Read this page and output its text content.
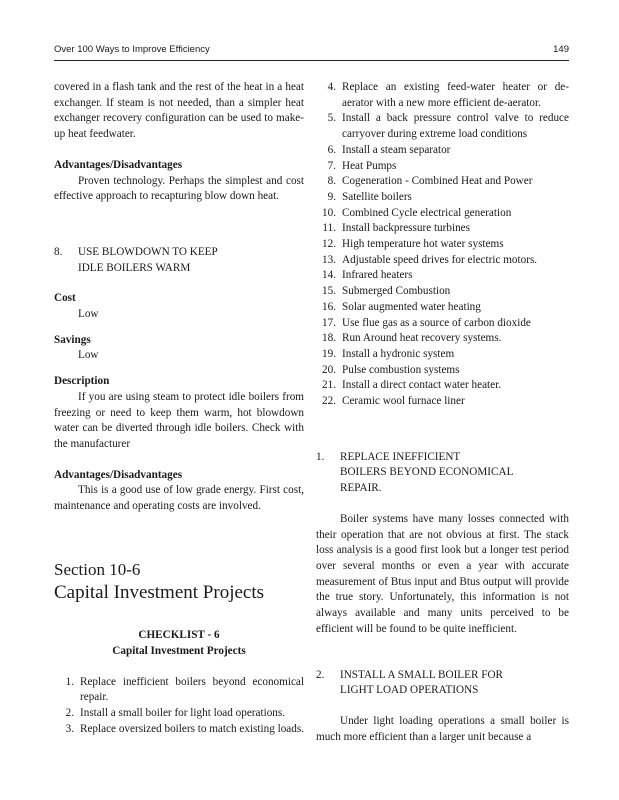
Over 100 Ways to Improve Efficiency	149

covered in a flash tank and the rest of the heat in a heat exchanger. If steam is not needed, than a simpler heat exchanger recovery configuration can be used to make-up heat feedwater.

Advantages/Disadvantages

Proven technology. Perhaps the simplest and cost effective approach to recapturing blow down heat.

8.	USE BLOWDOWN TO KEEP
IDLE BOILERS WARM

Cost

Low

Savings

Low

Description

If you are using steam to protect idle boilers from freezing or need to keep them warm, hot blowdown water can be diverted through idle boilers. Check with the manufacturer

Advantages/Disadvantages

This is a good use of low grade energy. First cost, maintenance and operating costs are involved.

Section 10-6
Capital Investment Projects
CHECKLIST - 6
Capital Investment Projects
1. Replace inefficient boilers beyond economical repair.
2. Install a small boiler for light load operations.
3. Replace oversized boilers to match existing loads.
4. Replace an existing feed-water heater or de-aerator with a new more efficient de-aerator.
5. Install a back pressure control valve to reduce carryover during extreme load conditions
6. Install a steam separator
7. Heat Pumps
8. Cogeneration - Combined Heat and Power
9. Satellite boilers
10. Combined Cycle electrical generation
11. Install backpressure turbines
12. High temperature hot water systems
13. Adjustable speed drives for electric motors.
14. Infrared heaters
15. Submerged Combustion
16. Solar augmented water heating
17. Use flue gas as a source of carbon dioxide
18. Run Around heat recovery systems.
19. Install a hydronic system
20. Pulse combustion systems
21. Install a direct contact water heater.
22. Ceramic wool furnace liner
1.	REPLACE INEFFICIENT
BOILERS BEYOND ECONOMICAL
REPAIR.

Boiler systems have many losses connected with their operation that are not obvious at first. The stack loss analysis is a good first look but a longer test period over several months or even a year with accurate measurement of Btus input and Btus output will provide the true story. Unfortunately, this information is not always available and many units perceived to be efficient will be found to be quite inefficient.

2.	INSTALL A SMALL BOILER FOR
LIGHT LOAD OPERATIONS

Under light loading operations a small boiler is much more efficient than a larger unit because a
